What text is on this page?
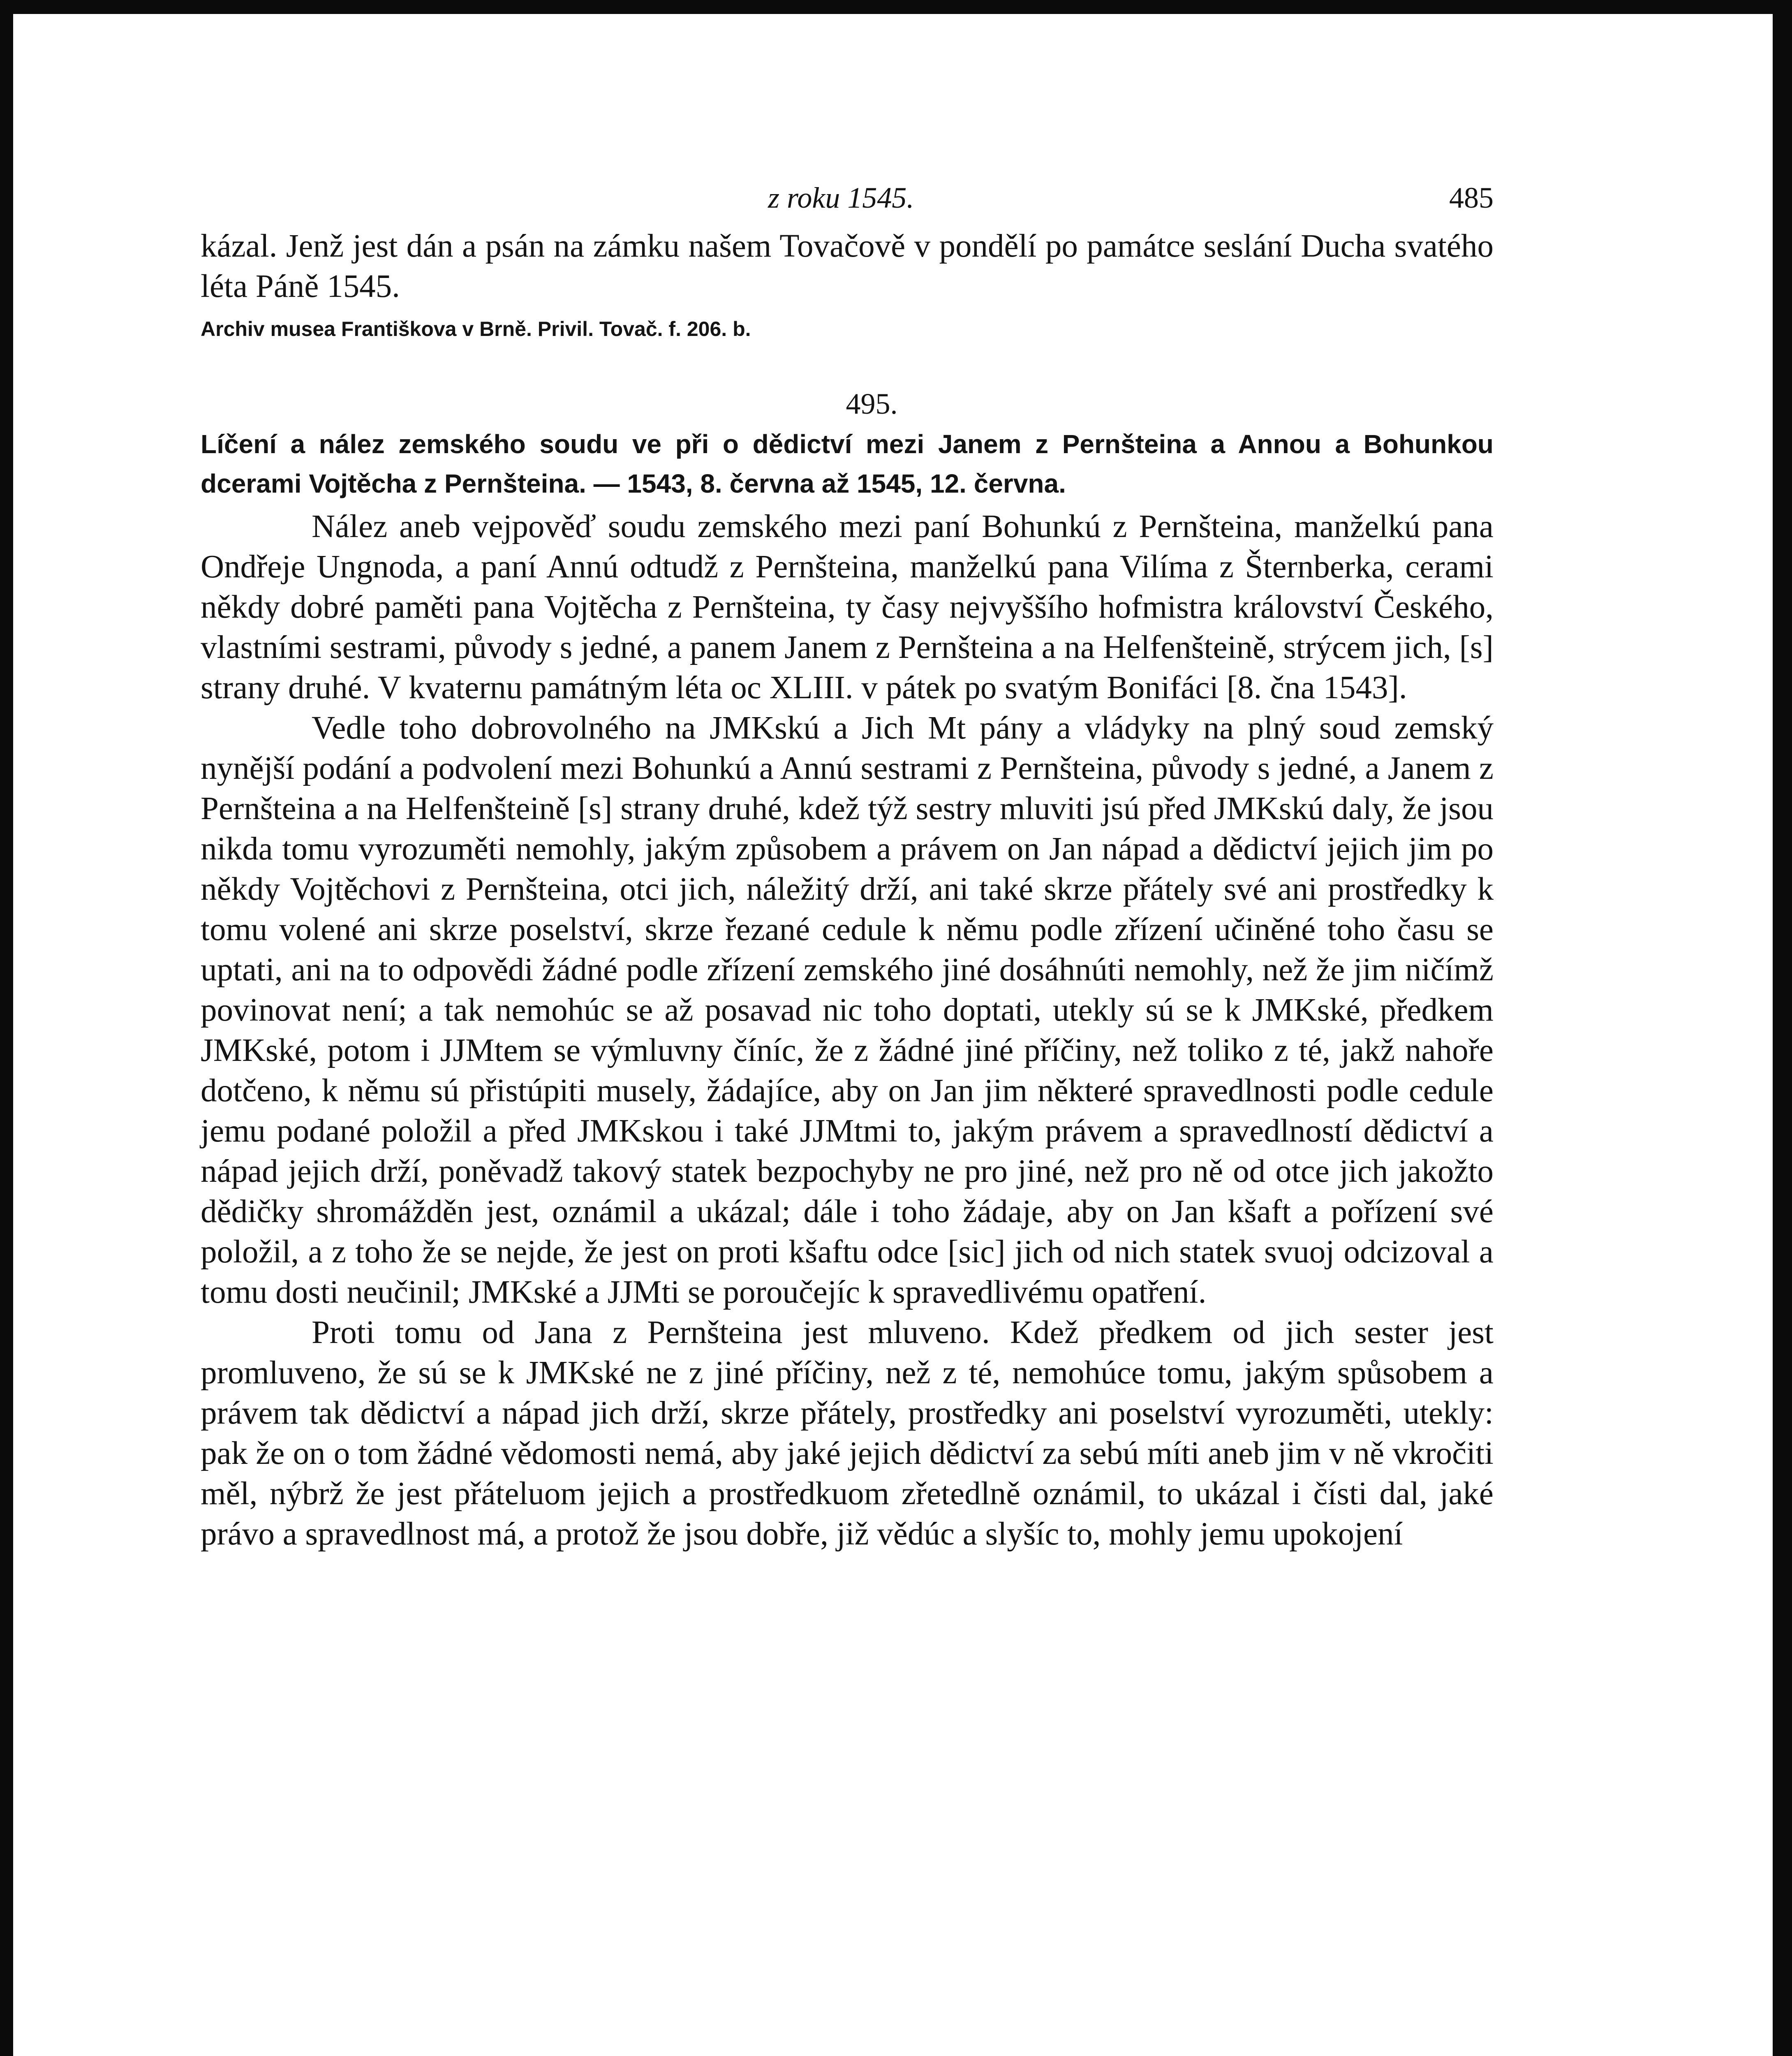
z roku 1545.	485

kázal. Jenž jest dán a psán na zámku našem Tovačově v pondělí po památce seslání Ducha svatého léta Páně 1545.

Archiv musea Františkova v Brně. Privil. Tovač. f. 206. b.

495.

Líčení a nález zemského soudu ve při o dědictví mezi Janem z Pernšteina a Annou a Bohunkou dcerami Vojtěcha z Pernšteina. — 1543, 8. června až 1545, 12. června.

Nález aneb vejpověď soudu zemského mezi paní Bohunkú z Pernšteina, manželkú pana Ondřeje Ungnoda, a paní Annú odtudž z Pernšteina, manželkú pana Vilíma z Šternberka, cerami někdy dobré paměti pana Vojtěcha z Pernšteina, ty časy nejvyššího hofmistra království Českého, vlastními sestrami, původy s jedné, a panem Janem z Pernšteina a na Helfenšteině, strýcem jich, [s] strany druhé. V kvaternu památným léta oc XLIII. v pátek po svatým Bonifáci [8. čna 1543].

Vedle toho dobrovolného na JMKskú a Jich Mt pány a vládyky na plný soud zemský nynější podání a podvolení mezi Bohunkú a Annú sestrami z Pernšteina, původy s jedné, a Janem z Pernšteina a na Helfenšteině [s] strany druhé, kdež týž sestry mluviti jsú před JMKskú daly, že jsou nikda tomu vyrozuměti nemohly, jakým způsobem a právem on Jan nápad a dědictví jejich jim po někdy Vojtěchovi z Pernšteina, otci jich, náležitý drží, ani také skrze přátely své ani prostředky k tomu volené ani skrze poselství, skrze řezané cedule k němu podle zřízení učiněné toho času se uptati, ani na to odpovědi žádné podle zřízení zemského jiné dosáhnúti nemohly, než že jim ničímž povinovat není; a tak nemohúc se až posavad nic toho doptati, utekly sú se k JMKské, předkem JMKské, potom i JJMtem se výmluvny číníc, že z žádné jiné příčiny, než toliko z té, jakž nahoře dotčeno, k němu sú přistúpiti musely, žádajíce, aby on Jan jim některé spravedlnosti podle cedule jemu podané položil a před JMKskou i také JJMtmi to, jakým právem a spravedlností dědictví a nápad jejich drží, poněvadž takový statek bezpochyby ne pro jiné, než pro ně od otce jich jakožto dědičky shromážděn jest, oznámil a ukázal; dále i toho žádaje, aby on Jan kšaft a pořízení své položil, a z toho že se nejde, že jest on proti kšaftu odce [sic] jich od nich statek svuoj odcizoval a tomu dosti neučinil; JMKské a JJMti se poroučejíc k spravedlivému opatření.

Proti tomu od Jana z Pernšteina jest mluveno. Kdež předkem od jich sester jest promluveno, že sú se k JMKské ne z jiné příčiny, než z té, nemohúce tomu, jakým spůsobem a právem tak dědictví a nápad jich drží, skrze přátely, prostředky ani poselství vyrozuměti, utekly: pak že on o tom žádné vědomosti nemá, aby jaké jejich dědictví za sebú míti aneb jim v ně vkročiti měl, nýbrž že jest přáteluom jejich a prostředkuom zřetedlně oznámil, to ukázal i čísti dal, jaké právo a spravedlnost má, a protož že jsou dobře, již vědúc a slyšíc to, mohly jemu upokojení
